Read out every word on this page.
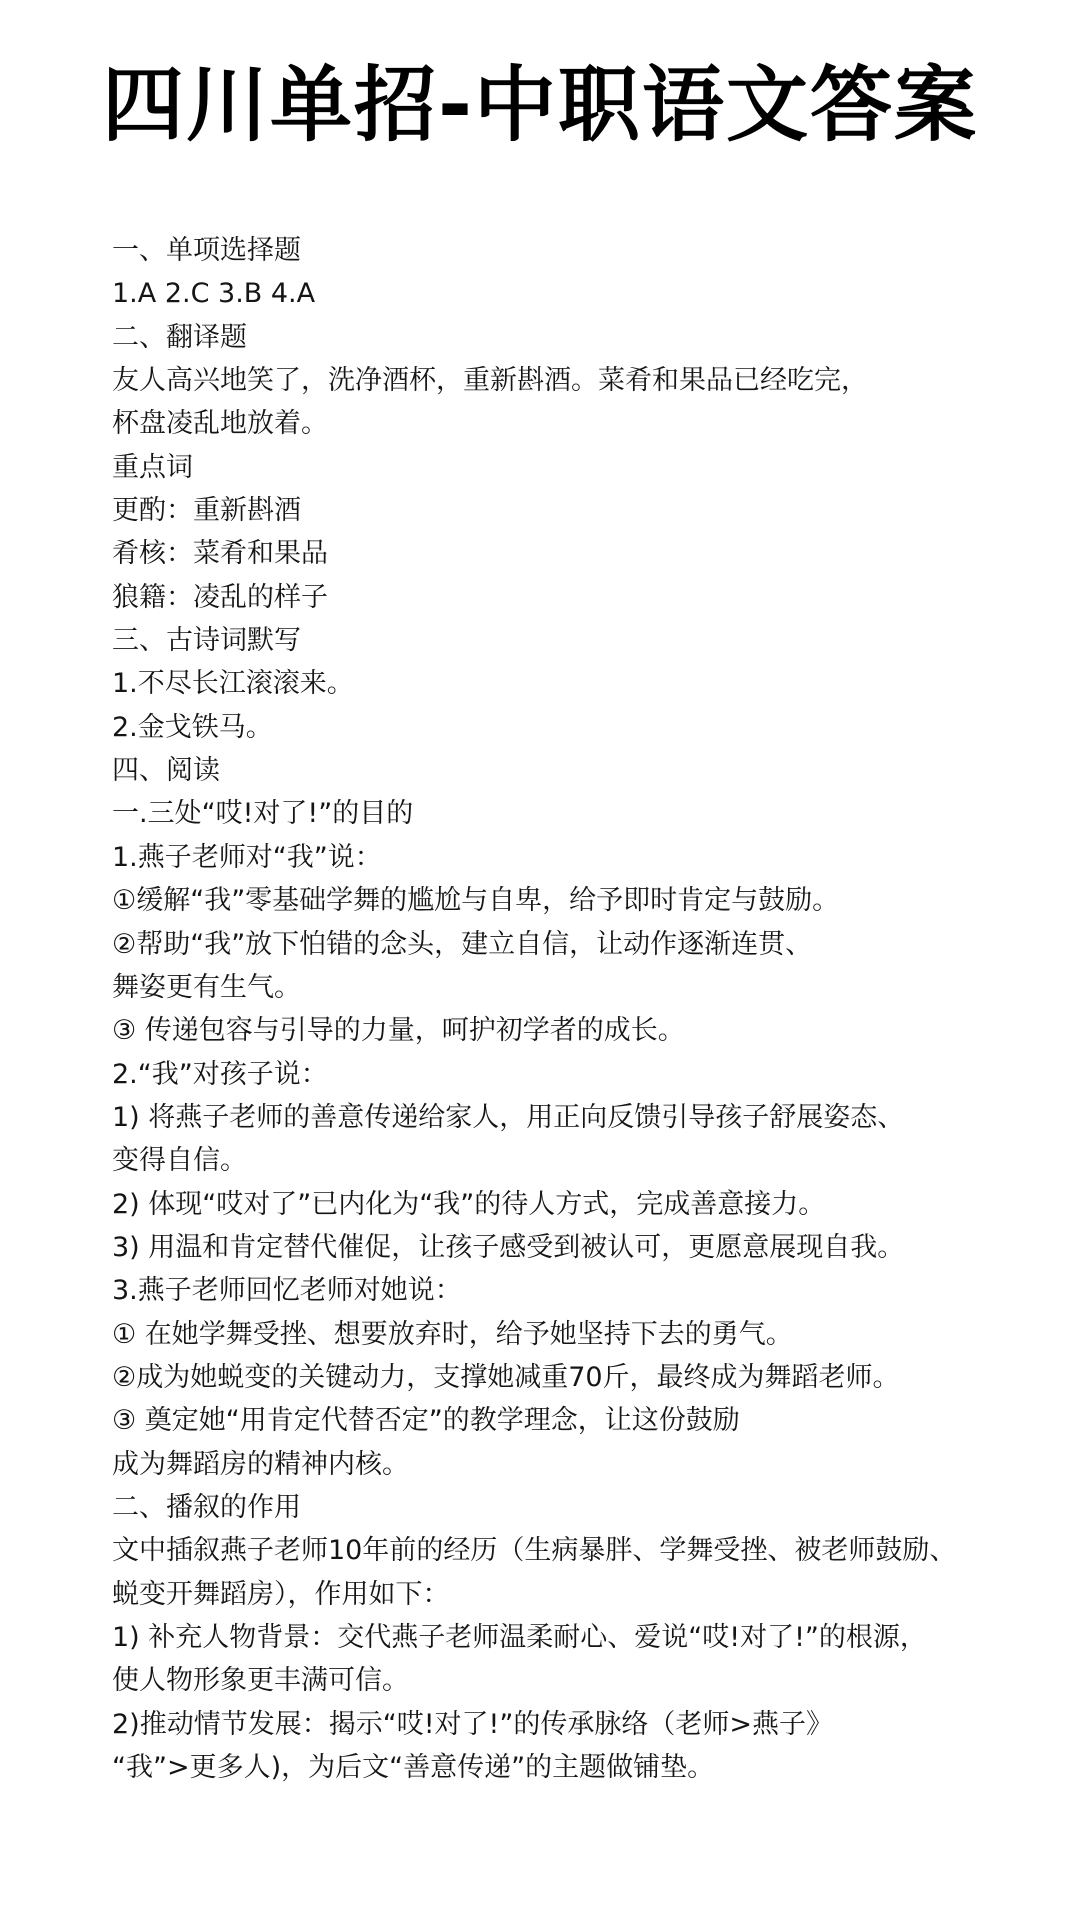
四川单招-中职语文答案
一、单项选择题
1.A 2.C 3.B 4.A
二、翻译题
友人高兴地笑了，洗净酒杯，重新斟酒。菜肴和果品已经吃完，
杯盘凌乱地放着。
重点词
更酌：重新斟酒
肴核：菜肴和果品
狼籍：凌乱的样子
三、古诗词默写
1.不尽长江滚滚来。
2.金戈铁马。
四、阅读
一.三处“哎!对了!”的目的
1.燕子老师对“我”说：
①缓解“我”零基础学舞的尴尬与自卑，给予即时肯定与鼓励。
②帮助“我”放下怕错的念头，建立自信，让动作逐渐连贯、
舞姿更有生气。
③ 传递包容与引导的力量，呵护初学者的成长。
2.“我”对孩子说：
1) 将燕子老师的善意传递给家人，用正向反馈引导孩子舒展姿态、
变得自信。
2) 体现“哎对了”已内化为“我”的待人方式，完成善意接力。
3) 用温和肯定替代催促，让孩子感受到被认可，更愿意展现自我。
3.燕子老师回忆老师对她说：
① 在她学舞受挫、想要放弃时，给予她坚持下去的勇气。
②成为她蜕变的关键动力，支撑她减重70斤，最终成为舞蹈老师。
③ 奠定她“用肯定代替否定”的教学理念，让这份鼓励
成为舞蹈房的精神内核。
二、播叙的作用
文中插叙燕子老师10年前的经历（生病暴胖、学舞受挫、被老师鼓励、
蜕变开舞蹈房），作用如下：
1) 补充人物背景：交代燕子老师温柔耐心、爱说“哎!对了!”的根源，
使人物形象更丰满可信。
2)推动情节发展：揭示“哎!对了!”的传承脉络（老师>燕子》
“我”>更多人)，为后文“善意传递”的主题做铺垫。
